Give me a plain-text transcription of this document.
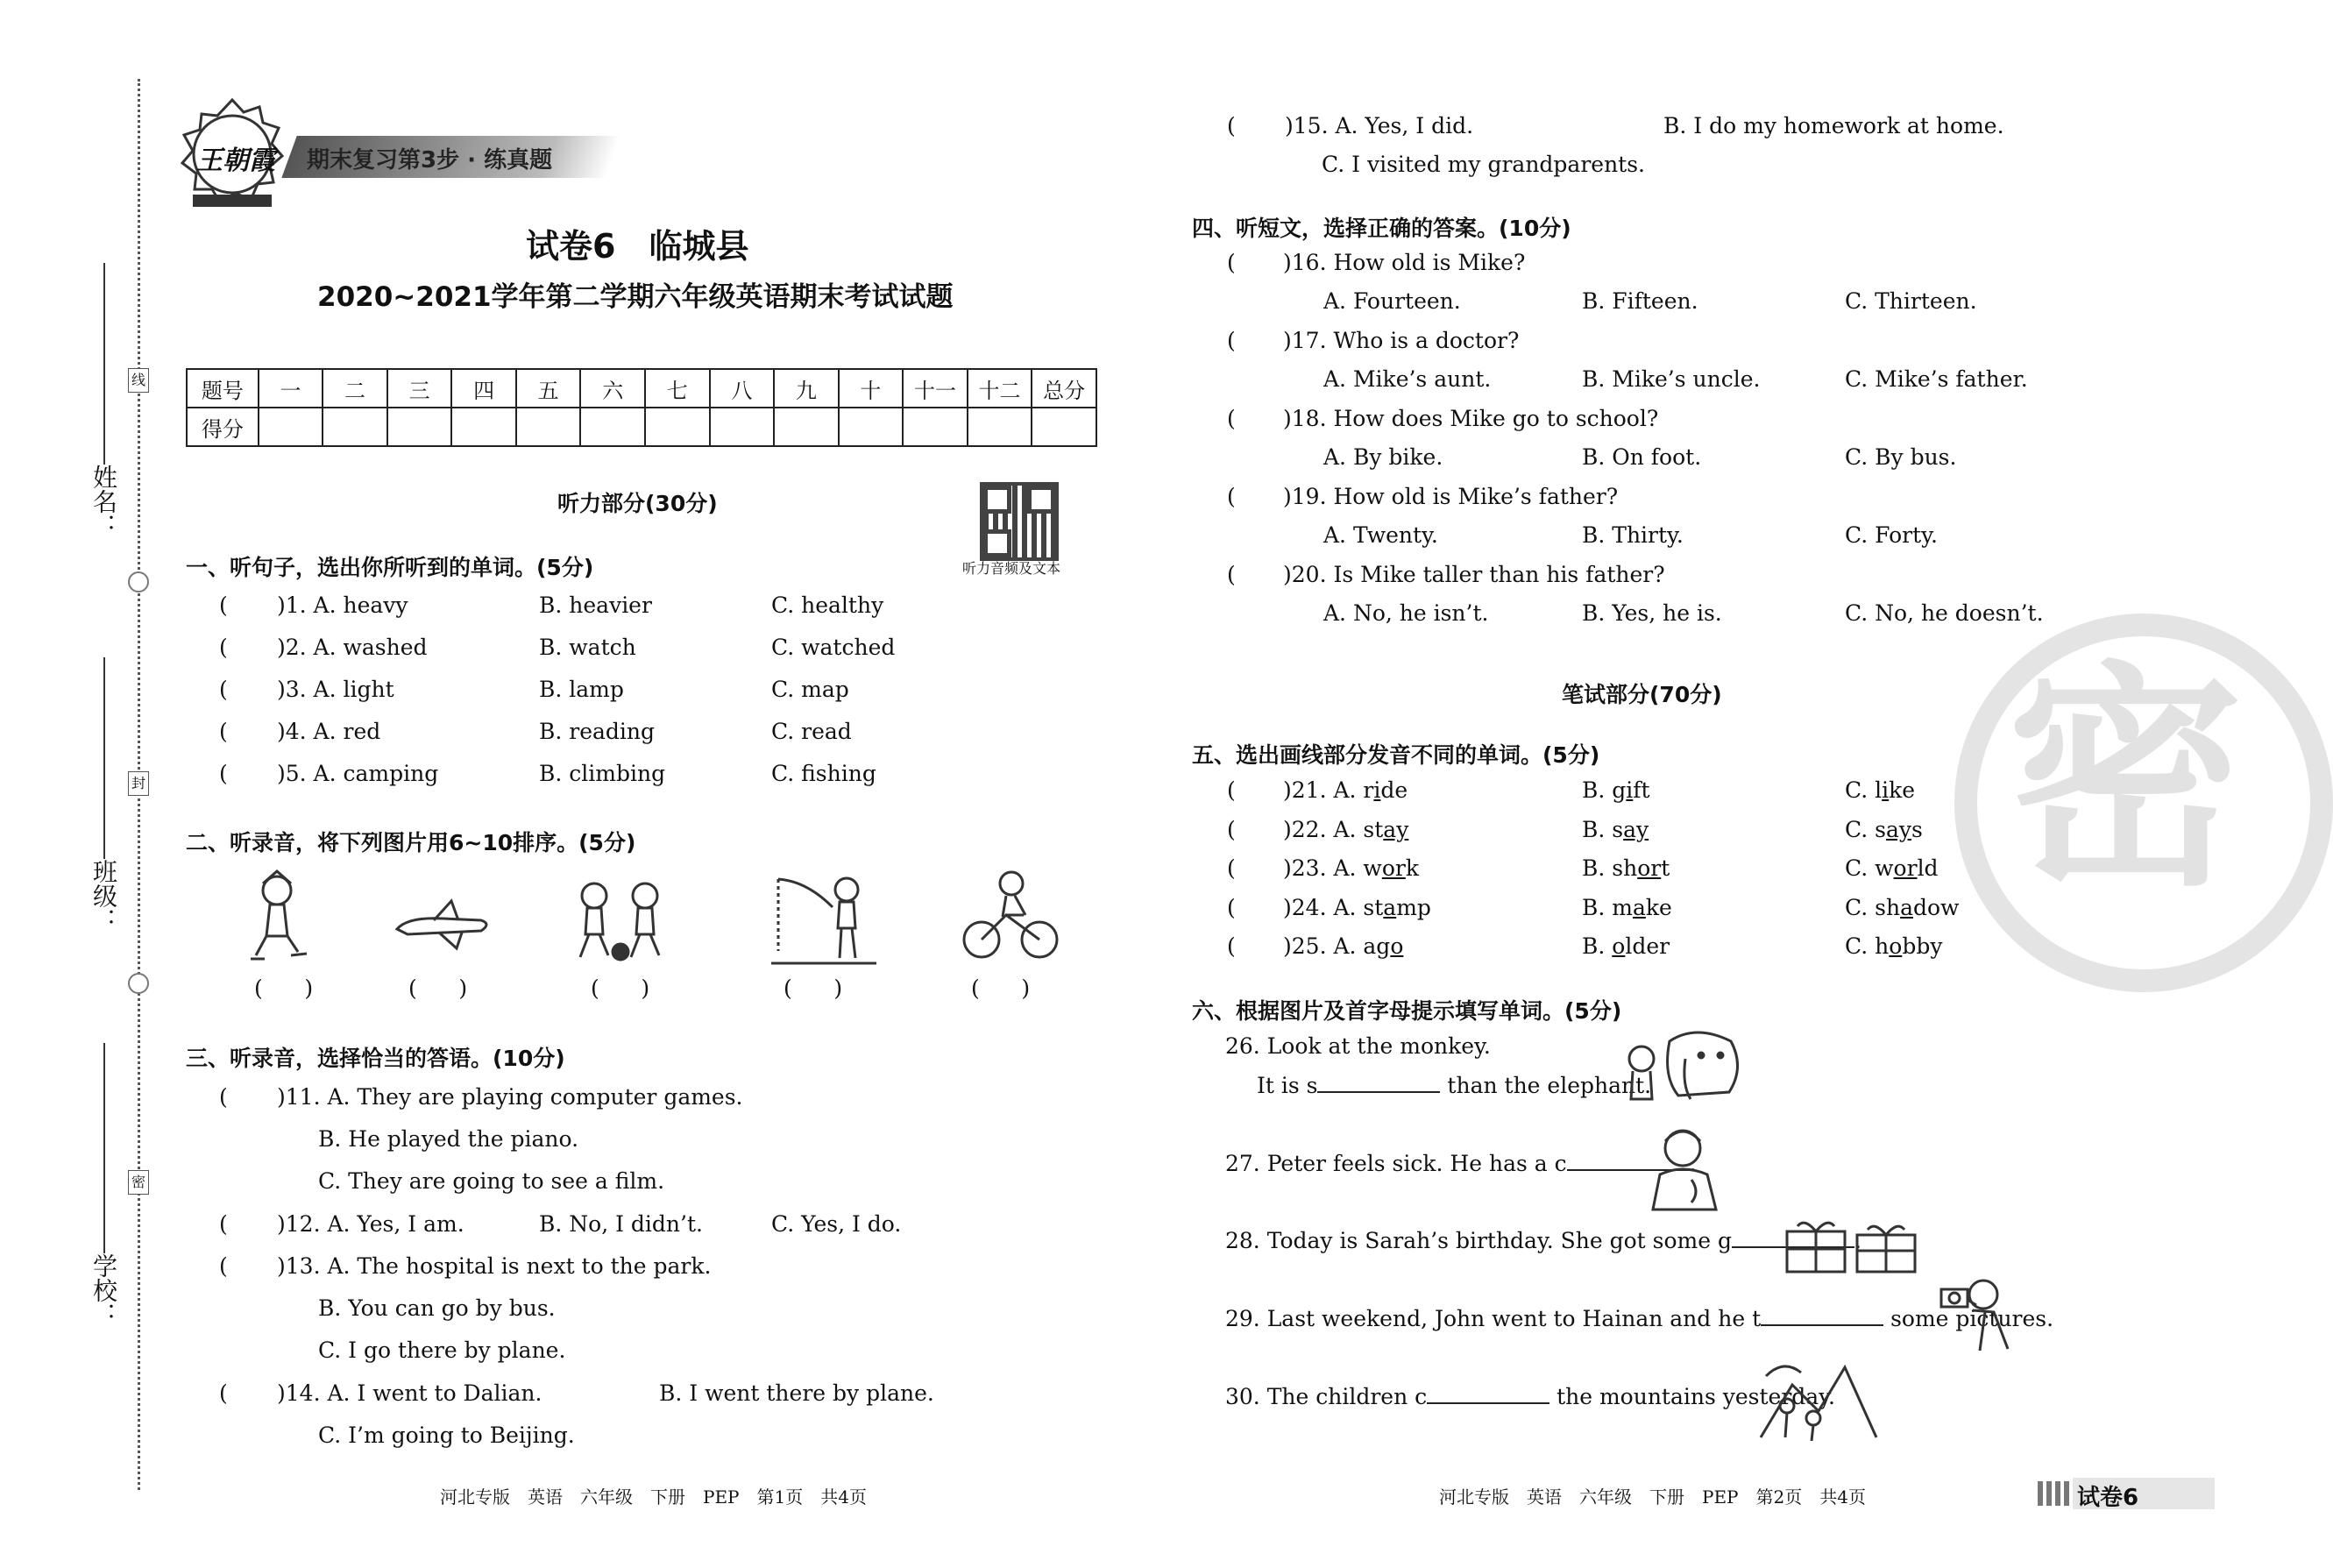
线
封
密
姓名：
班级：
学校：
王朝霞 期末复习第3步 · 练真题
试卷6　临城县
2020~2021学年第二学期六年级英语期末考试试题
题号	一	二	三	四	五	六	七	八	九	十	十一	十二	总分
得分													
听力部分(30分)
听力音频及文本
一、听句子，选出你所听到的单词。(5分)
( )1. A. heavy	B. heavier	C. healthy
( )2. A. washed	B. watch	C. watched
( )3. A. light	B. lamp	C. map
( )4. A. red	B. reading	C. read
( )5. A. camping	B. climbing	C. fishing
二、听录音，将下列图片用6~10排序。(5分)
(      )	(      )	(      )	(      )	(      )
三、听录音，选择恰当的答语。(10分)
( )11. A. They are playing computer games.
B. He played the piano.
C. They are going to see a film.
( )12. A. Yes, I am.	B. No, I didn’t.	C. Yes, I do.
( )13. A. The hospital is next to the park.
B. You can go by bus.
C. I go there by plane.
( )14. A. I went to Dalian.	B. I went there by plane.
C. I’m going to Beijing.
河北专版　英语　六年级　下册　PEP　第1页　共4页
( )15. A. Yes, I did.	B. I do my homework at home.
C. I visited my grandparents.
四、听短文，选择正确的答案。(10分)
( )16. How old is Mike?
A. Fourteen.	B. Fifteen.	C. Thirteen.
( )17. Who is a doctor?
A. Mike’s aunt.	B. Mike’s uncle.	C. Mike’s father.
( )18. How does Mike go to school?
A. By bike.	B. On foot.	C. By bus.
( )19. How old is Mike’s father?
A. Twenty.	B. Thirty.	C. Forty.
( )20. Is Mike taller than his father?
A. No, he isn’t.	B. Yes, he is.	C. No, he doesn’t.
密
笔试部分(70分)
五、选出画线部分发音不同的单词。(5分)
( )21. A. ride	B. gift	C. like
( )22. A. stay	B. say	C. says
( )23. A. work	B. short	C. world
( )24. A. stamp	B. make	C. shadow
( )25. A. ago	B. older	C. hobby
六、根据图片及首字母提示填写单词。(5分)
26. Look at the monkey.
It is s	than the elephant.
27. Peter feels sick. He has a c	.
28. Today is Sarah’s birthday. She got some g	.
29. Last weekend, John went to Hainan and he t	some pictures.
30. The children c	the mountains yesterday.
河北专版　英语　六年级　下册　PEP　第2页　共4页	试卷6
